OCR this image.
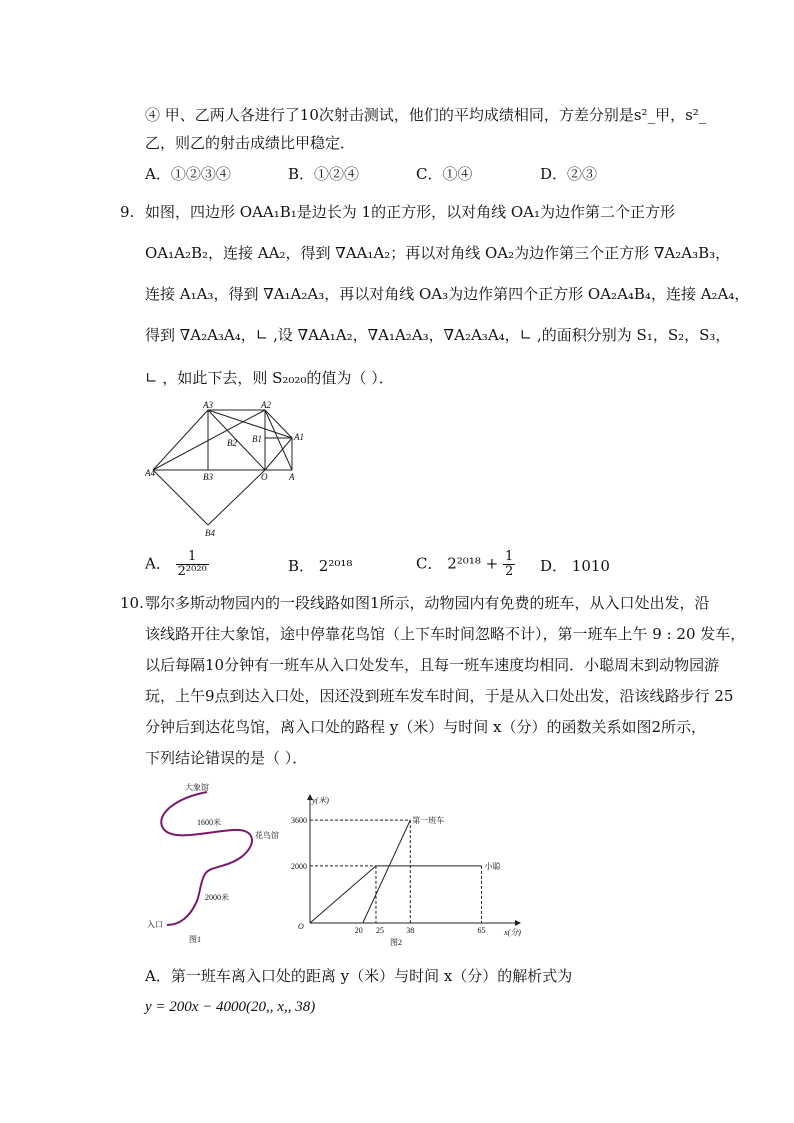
④ 甲、乙两人各进行了10次射击测试，他们的平均成绩相同，方差分别是s²_甲，s²_
乙，则乙的射击成绩比甲稳定．
A．①②③④	B．①②④	C．①④	D．②③
9. 如图，四边形 OAA₁B₁是边长为 1的正方形，以对角线 OA₁为边作第二个正方形
OA₁A₂B₂，连接 AA₂，得到 ∇AA₁A₂；再以对角线 OA₂为边作第三个正方形 ∇A₂A₃B₃，
连接 A₁A₃，得到 ∇A₁A₂A₃，再以对角线 OA₃为边作第四个正方形 OA₂A₄B₄，连接 A₂A₄，
得到 ∇A₂A₃A₄，∟ ,设 ∇AA₁A₂，∇A₁A₂A₃，∇A₂A₃A₄，∟ ,的面积分别为 S₁，S₂，S₃，
∟ ，如此下去，则 S₂₀₂₀的值为（ ）．
A3	A2
A1
A4
B1
B2
B3
B4
O A
A． $\frac{1}{\text{2²⁰²⁰}}$	B． 2²⁰¹⁸	C． $2^{2018} + \frac{1}{2}$ D． 1010
10. 鄂尔多斯动物园内的一段线路如图1所示，动物园内有免费的班车，从入口处出发，沿
该线路开往大象馆，途中停靠花鸟馆（上下车时间忽略不计），第一班车上午 9 : 20 发车，
以后每隔10分钟有一班车从入口处发车，且每一班车速度均相同．小聪周末到动物园游
玩，上午9点到达入口处，因还没到班车发车时间，于是从入口处出发，沿该线路步行 25
分钟后到达花鸟馆，离入口处的路程 y（米）与时间 x（分）的函数关系如图2所示，
下列结论错误的是（ ）．
大象馆
1600米
花鸟馆
2000米
入口
图1
y(米)
x(分)
O
图2
2000
3600
20 25	38	65
第一班车
小聪
A．第一班车离入口处的距离 y（米）与时间 x（分）的解析式为
y = 200x − 4000(20,, x,, 38)
